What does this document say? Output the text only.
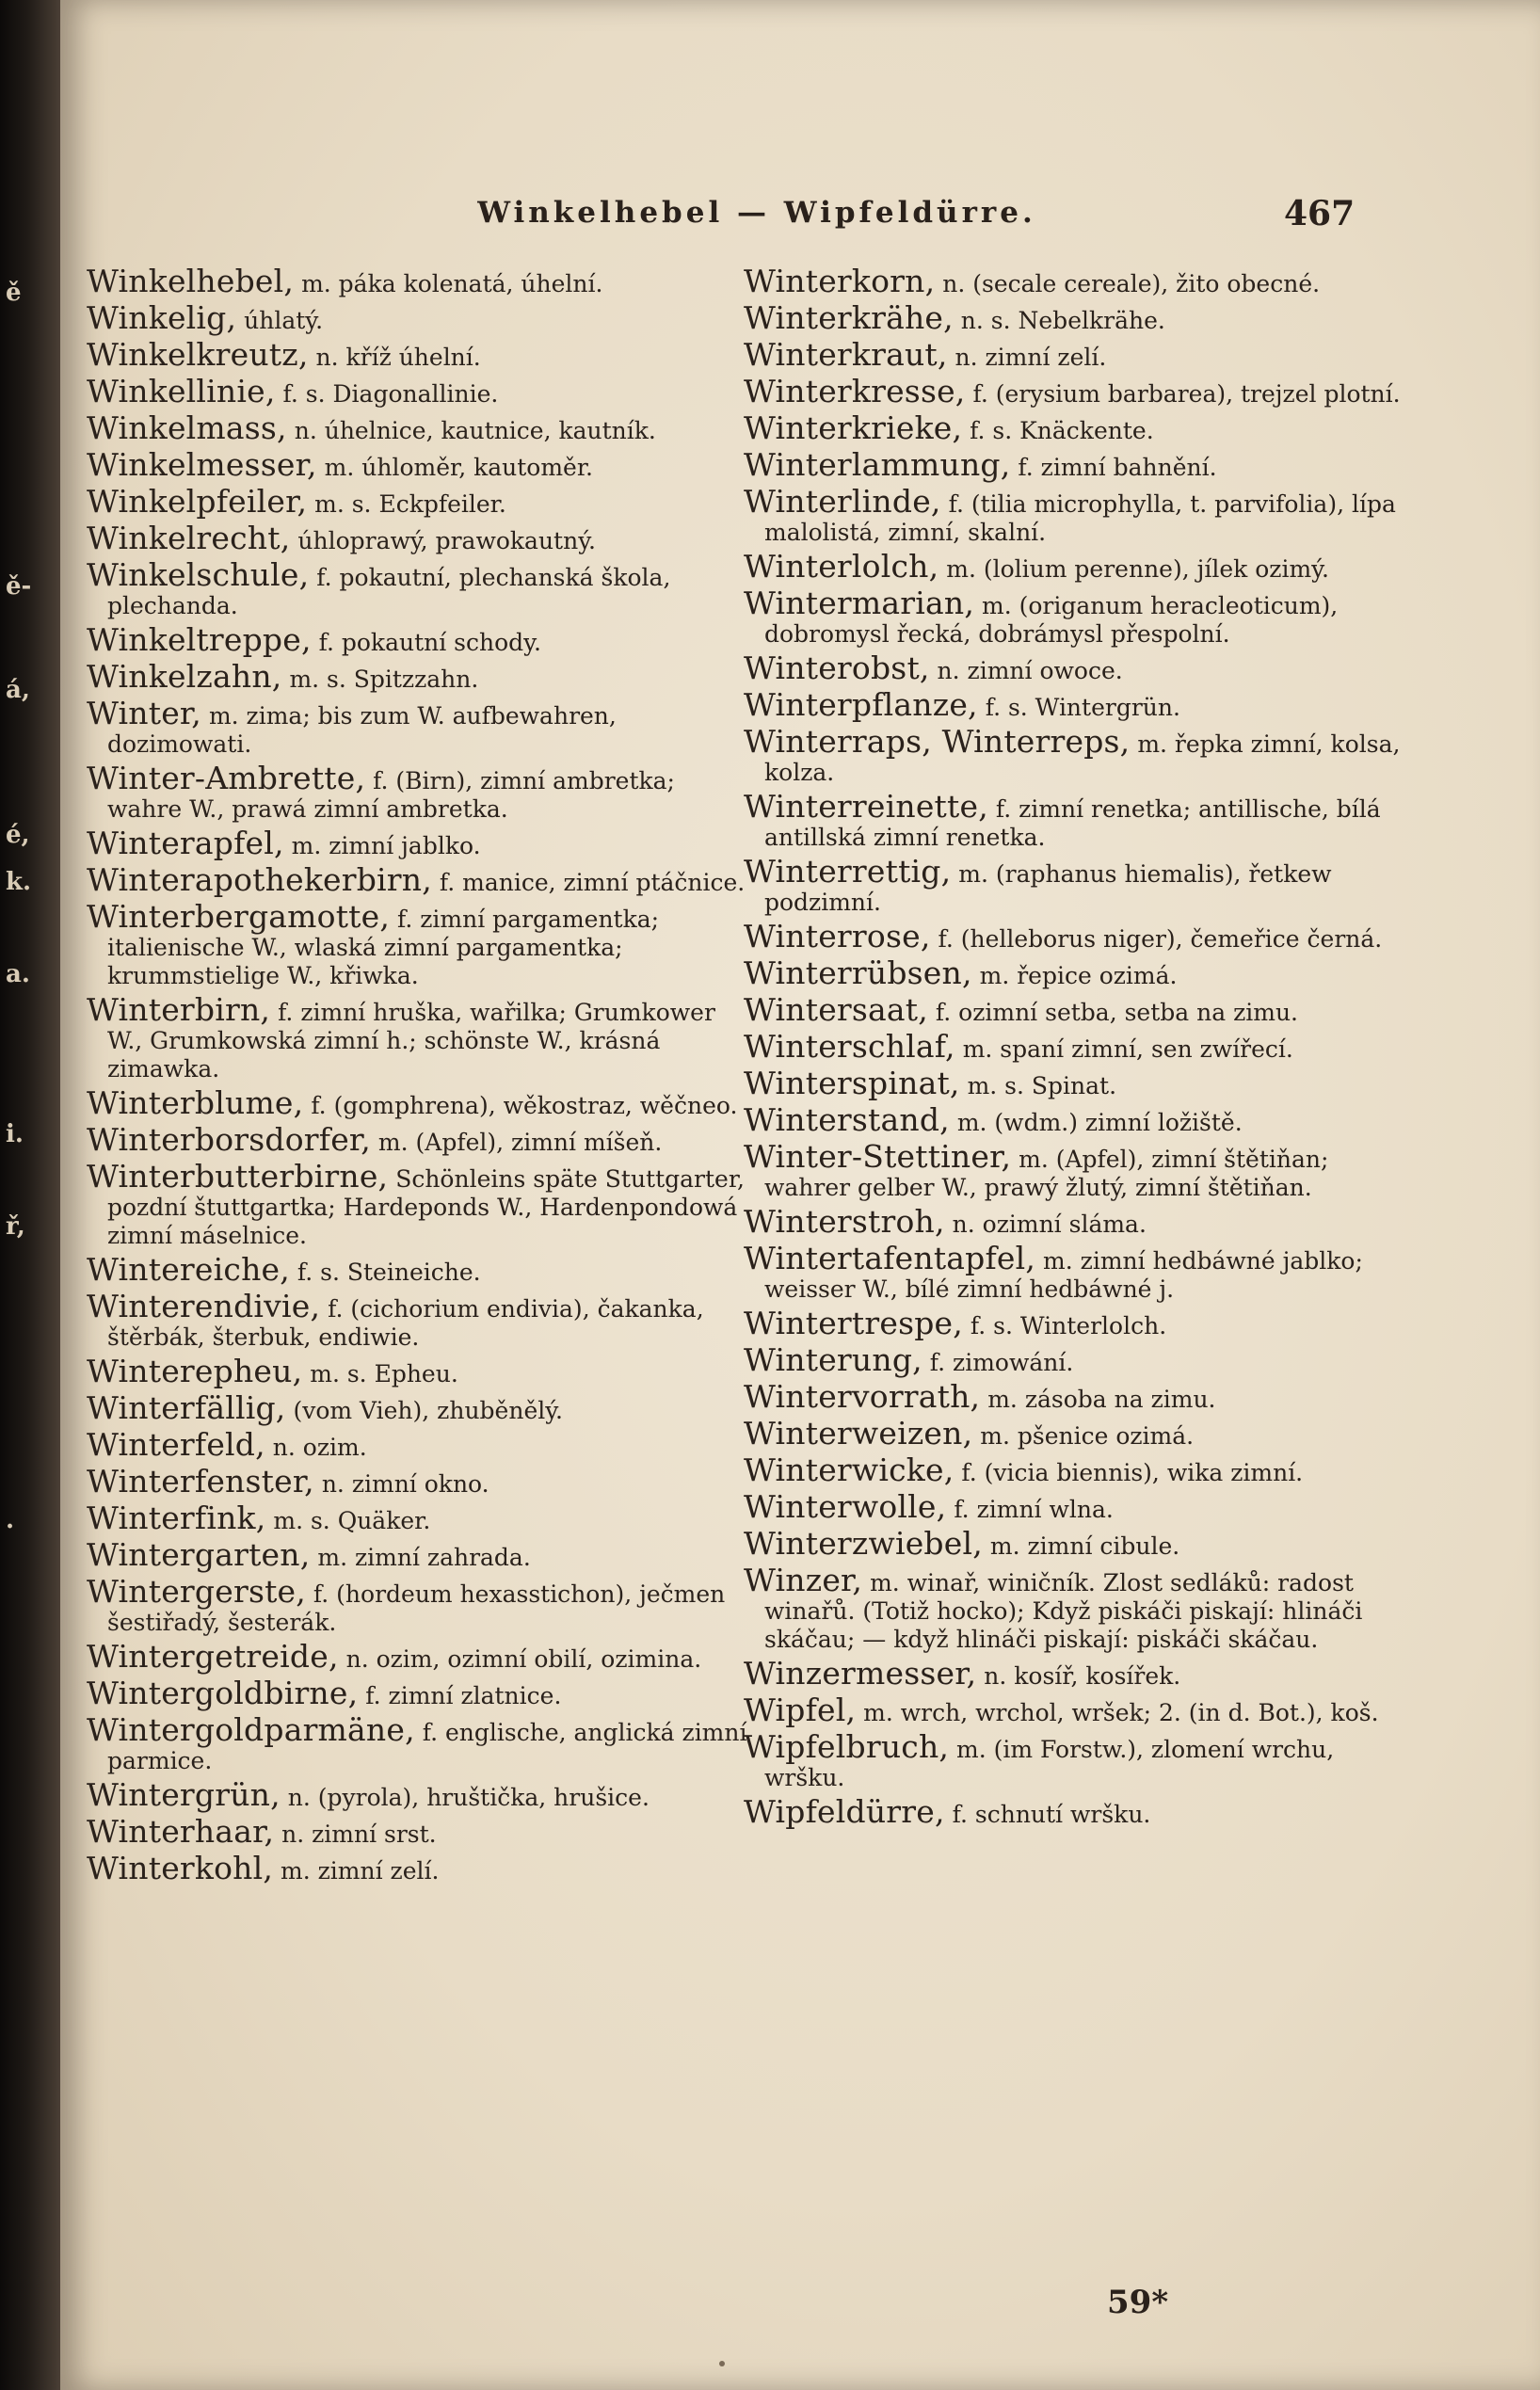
ě
ě-
á,
é,
k.
a.
i.
ř,
.
Winkelhebel — Wipfeldürre.	467

Winkelhebel, m. páka kolenatá, úhelní.

Winkelig, úhlatý.

Winkelkreutz, n. kříž úhelní.

Winkellinie, f. s. Diagonallinie.

Winkelmass, n. úhelnice, kautnice, kautník.

Winkelmesser, m. úhloměr, kautoměr.

Winkelpfeiler, m. s. Eckpfeiler.

Winkelrecht, úhloprawý, prawokautný.

Winkelschule, f. pokautní, plechanská škola, plechanda.

Winkeltreppe, f. pokautní schody.

Winkelzahn, m. s. Spitzzahn.

Winter, m. zima; bis zum W. aufbewahren, dozimowati.

Winter-Ambrette, f. (Birn), zimní ambretka; wahre W., prawá zimní ambretka.

Winterapfel, m. zimní jablko.

Winterapothekerbirn, f. manice, zimní ptáčnice.

Winterbergamotte, f. zimní pargamentka; italienische W., wlaská zimní pargamentka; krummstielige W., křiwka.

Winterbirn, f. zimní hruška, wařilka; Grumkower W., Grumkowská zimní h.; schönste W., krásná zimawka.

Winterblume, f. (gomphrena), wěkostraz, wěčneo.

Winterborsdorfer, m. (Apfel), zimní míšeň.

Winterbutterbirne, Schönleins späte Stuttgarter, pozdní štuttgartka; Hardeponds W., Hardenpondowá zimní máselnice.

Wintereiche, f. s. Steineiche.

Winterendivie, f. (cichorium endivia), čakanka, štěrbák, šterbuk, endiwie.

Winterepheu, m. s. Epheu.

Winterfällig, (vom Vieh), zhuběnělý.

Winterfeld, n. ozim.

Winterfenster, n. zimní okno.

Winterfink, m. s. Quäker.

Wintergarten, m. zimní zahrada.

Wintergerste, f. (hordeum hexasstichon), ječmen šestiřadý, šesterák.

Wintergetreide, n. ozim, ozimní obilí, ozimina.

Wintergoldbirne, f. zimní zlatnice.

Wintergoldparmäne, f. englische, anglická zimní parmice.

Wintergrün, n. (pyrola), hruštička, hrušice.

Winterhaar, n. zimní srst.

Winterkohl, m. zimní zelí.

Winterkorn, n. (secale cereale), žito obecné.

Winterkrähe, n. s. Nebelkrähe.

Winterkraut, n. zimní zelí.

Winterkresse, f. (erysium barbarea), trejzel plotní.

Winterkrieke, f. s. Knäckente.

Winterlammung, f. zimní bahnění.

Winterlinde, f. (tilia microphylla, t. parvifolia), lípa malolistá, zimní, skalní.

Winterlolch, m. (lolium perenne), jílek ozimý.

Wintermarian, m. (origanum heracleoticum), dobromysl řecká, dobrámysl přespolní.

Winterobst, n. zimní owoce.

Winterpflanze, f. s. Wintergrün.

Winterraps, Winterreps, m. řepka zimní, kolsa, kolza.

Winterreinette, f. zimní renetka; antillische, bílá antillská zimní renetka.

Winterrettig, m. (raphanus hiemalis), řetkew podzimní.

Winterrose, f. (helleborus niger), čemeřice černá.

Winterrübsen, m. řepice ozimá.

Wintersaat, f. ozimní setba, setba na zimu.

Winterschlaf, m. spaní zimní, sen zwířecí.

Winterspinat, m. s. Spinat.

Winterstand, m. (wdm.) zimní ložiště.

Winter-Stettiner, m. (Apfel), zimní štětiňan; wahrer gelber W., prawý žlutý, zimní štětiňan.

Winterstroh, n. ozimní sláma.

Wintertafentapfel, m. zimní hedbáwné jablko; weisser W., bílé zimní hedbáwné j.

Wintertrespe, f. s. Winterlolch.

Winterung, f. zimowání.

Wintervorrath, m. zásoba na zimu.

Winterweizen, m. pšenice ozimá.

Winterwicke, f. (vicia biennis), wika zimní.

Winterwolle, f. zimní wlna.

Winterzwiebel, m. zimní cibule.

Winzer, m. winař, winičník. Zlost sedláků: radost winařů. (Totiž hocko); Když piskáči piskají: hlináči skáčau; — když hlináči piskají: piskáči skáčau.

Winzermesser, n. kosíř, kosířek.

Wipfel, m. wrch, wrchol, wršek; 2. (in d. Bot.), koš.

Wipfelbruch, m. (im Forstw.), zlomení wrchu, wršku.

Wipfeldürre, f. schnutí wršku.

59*
